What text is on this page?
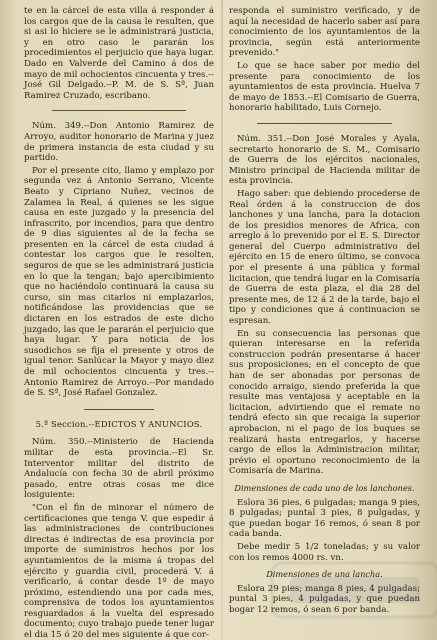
te en la cárcel de esta villa á responder á los cargos que de la causa le resulten, que si asi lo hiciere se le administrará justicia, y en otro caso le pararán los procedimientos el perjuicio que haya lugar. Dado en Valverde del Camino á dos de mayo de mil ochocientos cincuenta y tres.--José Gil Delgado.--P. M. de S. Sª, Juan Ramirez Cruzado, escribano.

Núm. 349.--Don Antonio Ramirez de Arroyo, auditor honorario de Marina y juez de primera instancia de esta ciudad y su partido.

Por el presente cito, llamo y emplazo por segunda vez á Antonio Serrano, Vicente Beato y Cipriano Nuñez, vecinos de Zalamea la Real, á quienes se les sigue causa en este juzgado y la presencia del infrascrito, por incendios, para que dentro de 9 dias siguientes al de la fecha se presenten en la cárcel de esta ciudad á contestar los cargos que le resolten, seguros de que se les administrará justicia en lo que la tengan; bajo apercibimiento que no haciéndolo continuará la causa su curso, sin mas citarlos ni emplazarlos, notificándose las providencias que se dictaren en los estrados de este dicho juzgado, las que le pararán el perjuicio que haya lugar. Y para noticia de los susodichos se fija el presente y otros de igual tenor. Sanlúcar la Mayor y mayo diez de mil ochocientos cincuenta y tres.--Antonio Ramirez de Arroyo.--Por mandado de S. Sª, José Rafael Gonzalez.

5.ª Seccion.--EDICTOS Y ANUNCIOS.

Núm. 350.--Ministerio de Hacienda militar de esta provincia.--El Sr. Interventor militar del distrito de Andalucía con fecha 30 de abril próximo pasado, entre otras cosas me dice losiguiente:

"Con el fin de minorar el número de certificaciones que tenga V. que espedir á las administraciones de contribuciones directas é indirectas de esa provincia por importe de suministros hechos por los ayuntamientos de la misma á tropas del ejército y guardia civil, procederá V. á verificarlo, á contar desde 1º de mayo próximo, estendiendo una por cada mes, comprensiva de todos los ayuntamientos resguardados á la vuelta del espresado documento; cuyo trabajo puede tener lugar el dia 15 ó 20 del mes siguiente á que cor-

responda el suministro verificado, y de aquí la necesidad de hacerlo saber así para conocimiento de los ayuntamientos de la provincia, según está anteriormente prevenido."

Lo que se hace saber por medio del presente para conocimiento de los ayuntamientos de esta provincia. Huelva 7 de mayo de 1853.--El Comisario de Guerra, honorario habilitado, Luis Cornejo.

Núm. 351.--Don José Morales y Ayala, secretario honorario de S. M., Comisario de Guerra de los ejércitos nacionales, Ministro principal de Hacienda militar de esta provincia.

Hago saber: que debiendo procederse de Real órden á la construccion de dos lanchones y una lancha, para la dotacion de los presidios menores de Africa, con arreglo á lo prevenido por el E. S. Director general del Cuerpo administrativo del ejército en 15 de enero último, se convoca por el presente á una pública y formal licitacion, que tendrá lugar en la Comisaría de Guerra de esta plaza, el dia 28 del presente mes, de 12 á 2 de la tarde, bajo el tipo y condiciones que á continuacion se espresan.

En su consecuencia las personas que quieran interesarse en la referida construccion podrán presentarse á hacer sus proposiciones; en el concepto de que han de ser abonadas por personas de conocido arraigo, siendo preferida la que resulte mas ventajosa y aceptable en la licitacion, advirtiendo que el remate no tendrá efecto sin que recaiga la superior aprobacion, ni el pago de los buques se realizará hasta entregarlos, y hacerse cargo de ellos la Administracion militar, prévio el oportuno reconocimiento de la Comisaría de Marina.

Dimensiones de cada uno de los lanchones.

Eslora 36 pies, 6 pulgadas; manga 9 pies, 8 pulgadas; puntal 3 pies, 8 pulgadas, y que puedan bogar 16 remos, ó sean 8 por cada banda.

Debe medir 5 1/2 toneladas; y su valor con los remos 4000 rs. vn.

Dimensiones de una lancha.

Eslora 29 pies; manga 8 pies, 4 pulgadas; puntal 3 pies, 4 pulgadas, y que puedan bogar 12 remos, ó sean 6 por banda.
